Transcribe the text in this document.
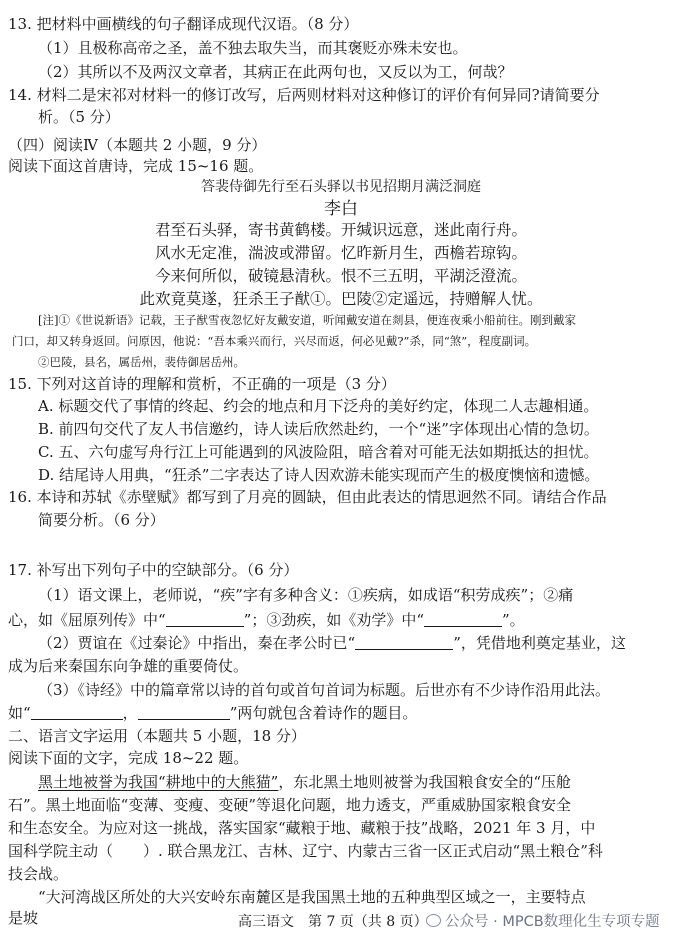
13. 把材料中画横线的句子翻译成现代汉语。（8 分）
（1）且极称高帝之圣，盖不独去取失当，而其褒贬亦殊未安也。
（2）其所以不及两汉文章者，其病正在此两句也，又反以为工，何哉？
14. 材料二是宋祁对材料一的修订改写，后两则材料对这种修订的评价有何异同?请简要分
析。（5 分）
（四）阅读Ⅳ（本题共 2 小题，9 分）
阅读下面这首唐诗，完成 15~16 题。
答裴侍御先行至石头驿以书见招期月满泛洞庭
李白
君至石头驿，寄书黄鹤楼。开缄识远意，迷此南行舟。
风水无定准，湍波或滞留。忆昨新月生，西檐若琼钩。
今来何所似，破镜悬清秋。恨不三五明，平湖泛澄流。
此欢竟莫遂，狂杀王子猷①。巴陵②定遥远，持赠解人忧。
[注]①《世说新语》记载，王子猷雪夜忽忆好友戴安道，听闻戴安道在剡县，便连夜乘小船前往。刚到戴家
门口，却又转身返回。问原因，他说：“吾本乘兴而行，兴尽而返，何必见戴?”杀，同“煞”，程度副词。
②巴陵，县名，属岳州，裴侍御居岳州。
15. 下列对这首诗的理解和赏析，不正确的一项是（3 分）
A. 标题交代了事情的终起、约会的地点和月下泛舟的美好约定，体现二人志趣相通。
B. 前四句交代了友人书信邀约，诗人读后欣然赴约，一个“迷”字体现出心情的急切。
C. 五、六句虚写舟行江上可能遇到的风波险阻，暗含着对可能无法如期抵达的担忧。
D. 结尾诗人用典，“狂杀”二字表达了诗人因欢游未能实现而产生的极度懊恼和遗憾。
16. 本诗和苏轼《赤壁赋》都写到了月亮的圆缺，但由此表达的情思迥然不同。请结合作品
简要分析。（6 分）
17. 补写出下列句子中的空缺部分。（6 分）
（1）语文课上，老师说，“疾”字有多种含义：①疾病，如成语“积劳成疾”；②痛
心，如《屈原列传》中“	”；③劲疾，如《劝学》中“	”。
（2）贾谊在《过秦论》中指出，秦在孝公时已“	”，凭借地利奠定基业，这
成为后来秦国东向争雄的重要倚仗。
（3）《诗经》中的篇章常以诗的首句或首句首词为标题。后世亦有不少诗作沿用此法。
如“	，	”两句就包含着诗作的题目。
二、语言文字运用（本题共 5 小题，18 分）
阅读下面的文字，完成 18~22 题。
黑土地被誉为我国“耕地中的大熊猫”，东北黑土地则被誉为我国粮食安全的“压舱
石”。黑土地面临“变薄、变瘦、变硬”等退化问题，地力透支，严重威胁国家粮食安全
和生态安全。为应对这一挑战，落实国家“藏粮于地、藏粮于技”战略，2021 年 3 月，中
国科学院主动（　　）. 联合黑龙江、吉林、辽宁、内蒙古三省一区正式启动“黑土粮仓”科
技会战。
“大河湾战区所处的大兴安岭东南麓区是我国黑土地的五种典型区域之一，主要特点
是坡	高三语文　第 7 页（共 8 页）	公众号 · MPCB数理化生专项专题
